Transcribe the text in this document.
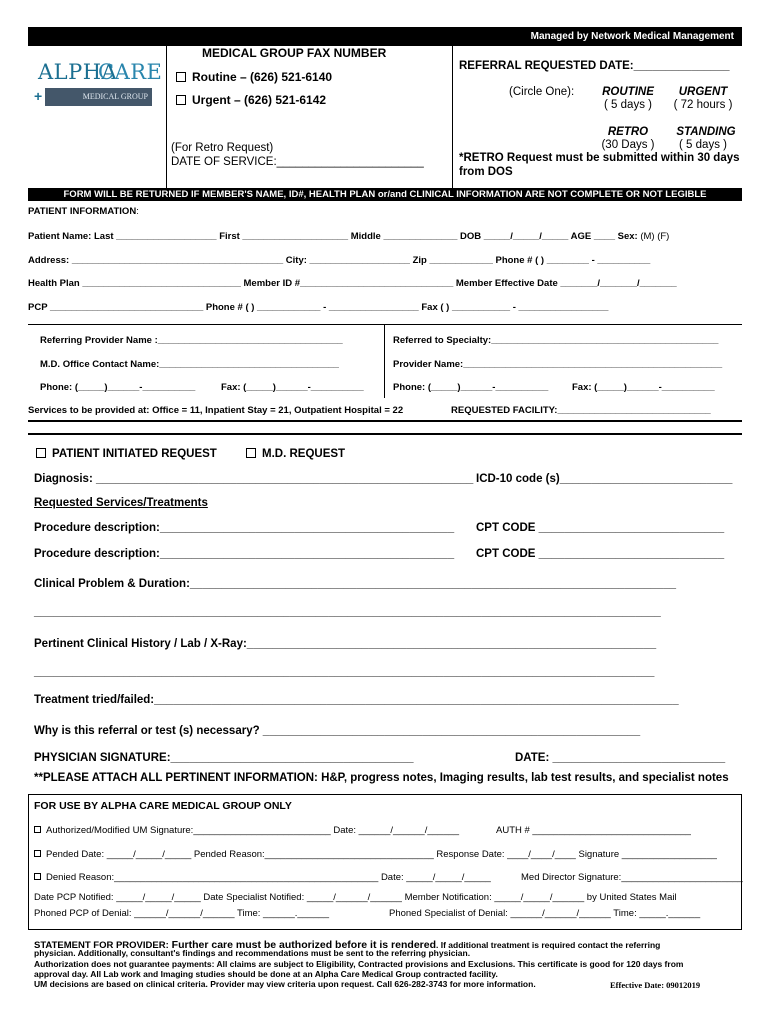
Managed by Network Medical Management
ALPHA
CARE
MEDICAL GROUP
+
MEDICAL GROUP FAX NUMBER
Routine – (626) 521-6140
Urgent – (626) 521-6142
(For Retro Request)
DATE OF SERVICE:_______________________
REFERRAL REQUESTED DATE:_______________
(Circle One):	ROUTINE
( 5 days )
URGENT
( 72 hours )
RETRO
(30 Days )
STANDING
( 5 days )
*RETRO Request must be submitted within 30 days
from DOS
FORM WILL BE RETURNED IF MEMBER'S NAME, ID#, HEALTH PLAN or/and CLINICAL INFORMATION ARE NOT COMPLETE OR NOT LEGIBLE
PATIENT INFORMATION:
Patient Name: Last ___________________ First ____________________ Middle ______________ DOB _____/_____/_____ AGE ____ Sex: (M) (F)
Address: ________________________________________ City: ___________________ Zip ____________ Phone # ( ) ________ - __________
Health Plan ______________________________ Member ID #_____________________________ Member Effective Date _______/_______/_______
PCP _____________________________ Phone # ( ) ____________ - _________________ Fax ( ) ___________ - _________________
Referring Provider Name :___________________________________	Referred to Specialty:___________________________________________
M.D. Office Contact Name:__________________________________	Provider Name:_________________________________________________
Phone: (_____)______-__________	Fax: (_____)______-__________	Phone: (_____)______-__________ Fax: (_____)______-__________
Services to be provided at: Office = 11, Inpatient Stay = 21, Outpatient Hospital = 22	REQUESTED FACILITY:_____________________________
PATIENT INITIATED REQUEST	M.D. REQUEST
Diagnosis: ___________________________________________________________ ICD-10 code (s)___________________________
Requested Services/Treatments
Procedure description:______________________________________________ CPT CODE _____________________________
Procedure description:______________________________________________ CPT CODE _____________________________
Clinical Problem & Duration:____________________________________________________________________________
__________________________________________________________________________________________________
Pertinent Clinical History / Lab / X-Ray:________________________________________________________________
_________________________________________________________________________________________________
Treatment tried/failed:__________________________________________________________________________________
Why is this referral or test (s) necessary? ___________________________________________________________
PHYSICIAN SIGNATURE:______________________________________	DATE: ___________________________
**PLEASE ATTACH ALL PERTINENT INFORMATION: H&P, progress notes, Imaging results, lab test results, and specialist notes
FOR USE BY ALPHA CARE MEDICAL GROUP ONLY
Authorized/Modified UM Signature:__________________________ Date: ______/______/______	AUTH # ______________________________
Pended Date: _____/_____/_____ Pended Reason:________________________________ Response Date: ____/____/____ Signature __________________
Denied Reason:__________________________________________________ Date: _____/_____/_____	Med Director Signature:_______________________
Date PCP Notified: _____/_____/_____ Date Specialist Notified: _____/______/______ Member Notification: _____/_____/______ by United States Mail
Phoned PCP of Denial: ______/______/______ Time: ______.______	Phoned Specialist of Denial: ______/______/______ Time: _____.______
STATEMENT FOR PROVIDER: Further care must be authorized before it is rendered. If additional treatment is required contact the referring
physician. Additionally, consultant's findings and recommendations must be sent to the referring physician.
Authorization does not guarantee payments: All claims are subject to Eligibility, Contracted provisions and Exclusions. This certificate is good for 120 days from
approval day. All Lab work and Imaging studies should be done at an Alpha Care Medical Group contracted facility.
UM decisions are based on clinical criteria. Provider may view criteria upon request. Call 626-282-3743 for more information.	Effective Date: 09012019
